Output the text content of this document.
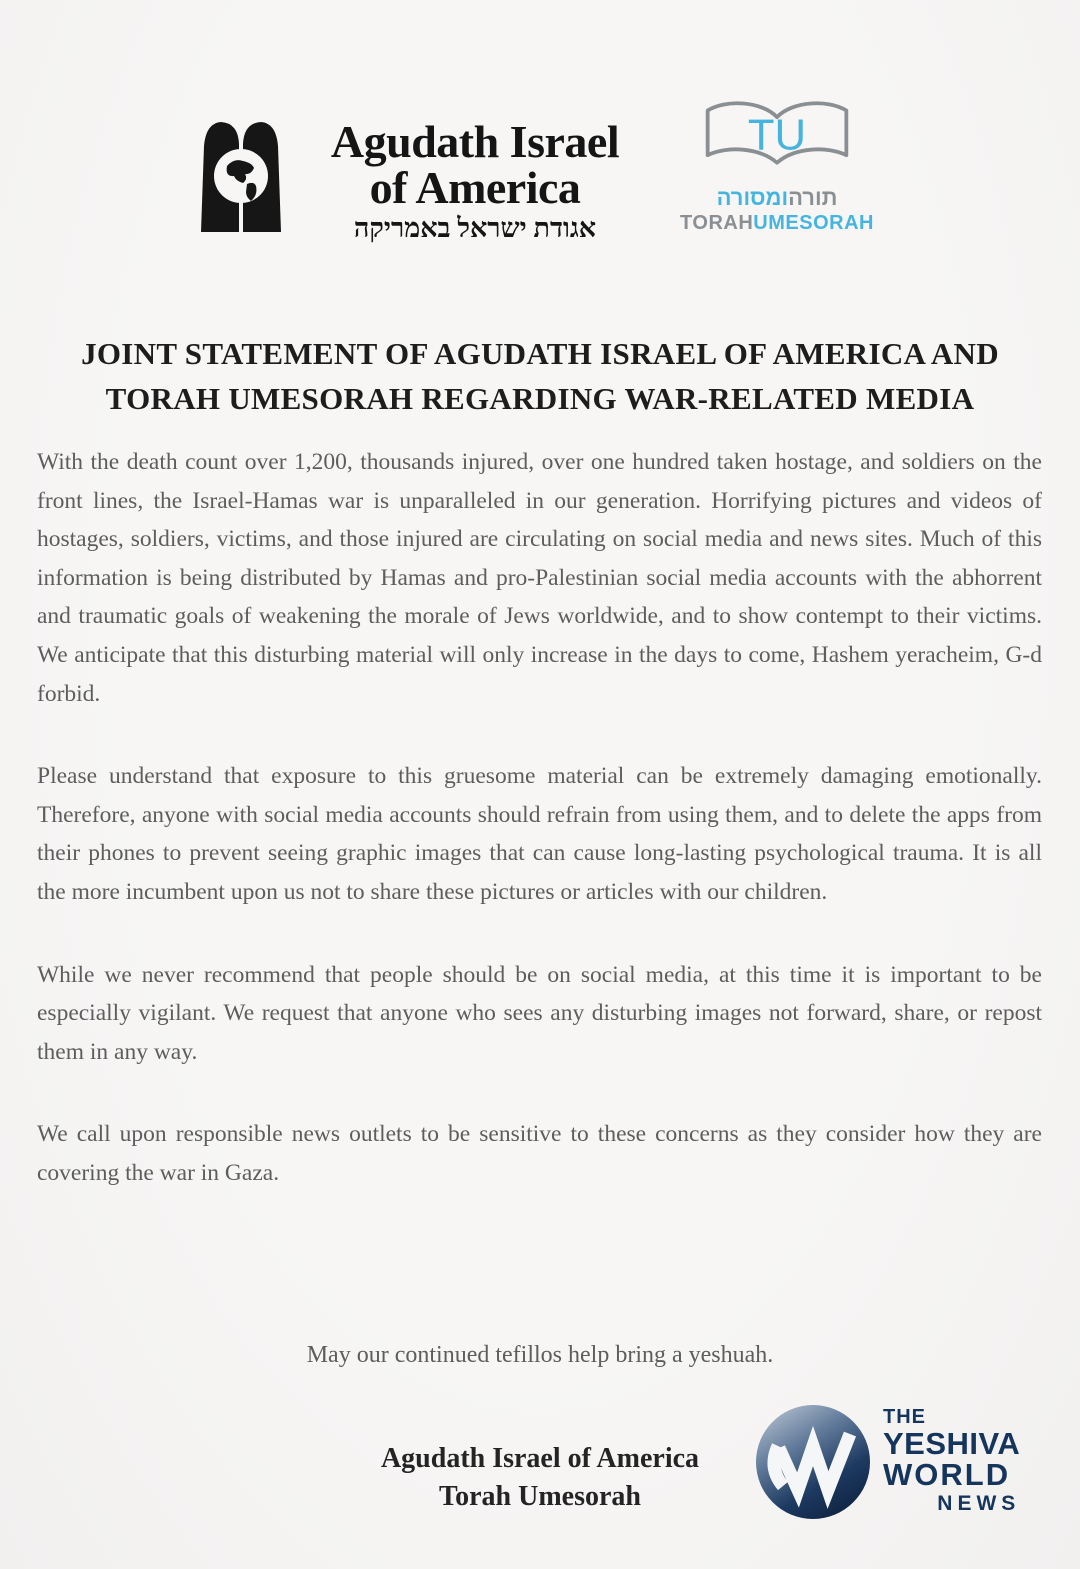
Agudath Israel
of America
אגודת ישראל באמריקה
TU
תורהומסורה
TORAHUMESORAH
JOINT STATEMENT OF AGUDATH ISRAEL OF AMERICA AND
TORAH UMESORAH REGARDING WAR-RELATED MEDIA

With the death count over 1,200, thousands injured, over one hundred taken hostage, and soldiers on the front lines, the Israel-Hamas war is unparalleled in our generation. Horrifying pictures and videos of hostages, soldiers, victims, and those injured are circulating on social media and news sites. Much of this information is being distributed by Hamas and pro-Palestinian social media accounts with the abhorrent and traumatic goals of weakening the morale of Jews worldwide, and to show contempt to their victims. We anticipate that this disturbing material will only increase in the days to come, Hashem yeracheim, G-d forbid.

Please understand that exposure to this gruesome material can be extremely damaging emotionally. Therefore, anyone with social media accounts should refrain from using them, and to delete the apps from their phones to prevent seeing graphic images that can cause long-lasting psychological trauma. It is all the more incumbent upon us not to share these pictures or articles with our children.

While we never recommend that people should be on social media, at this time it is important to be especially vigilant. We request that anyone who sees any disturbing images not forward, share, or repost them in any way.

We call upon responsible news outlets to be sensitive to these concerns as they consider how they are covering the war in Gaza.

May our continued tefillos help bring a yeshuah.

Agudath Israel of America
Torah Umesorah
THE
YESHIVA
WORLD
NEWS
